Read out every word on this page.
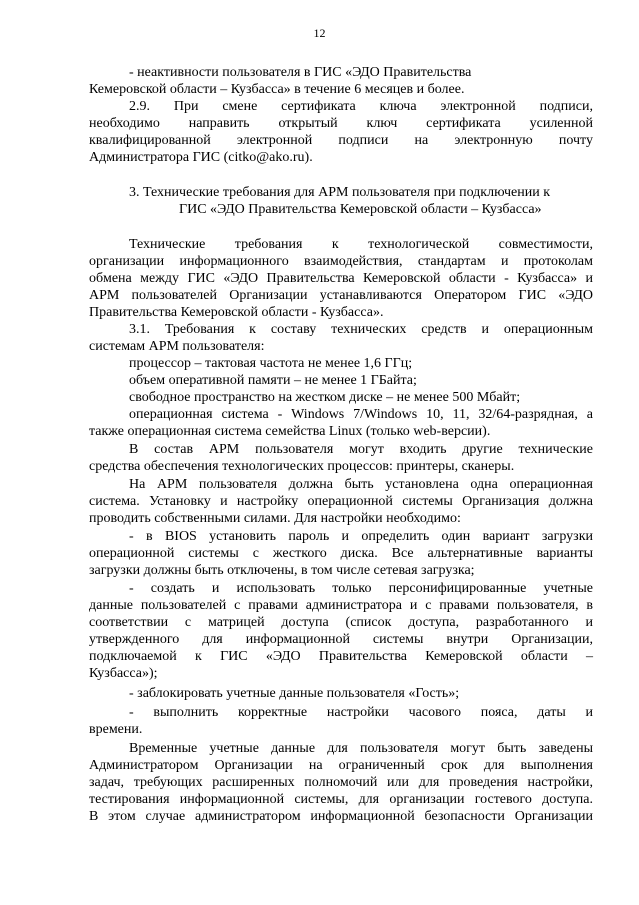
12
- неактивности пользователя в ГИС «ЭДО Правительства
Кемеровской области – Кузбасса» в течение 6 месяцев и более.
2.9. При смене сертификата ключа электронной подписи,
необходимо направить открытый ключ сертификата усиленной
квалифицированной электронной подписи на электронную почту
Администратора ГИС (citko@ako.ru).
3. Технические требования для АРМ пользователя при подключении к
ГИС «ЭДО Правительства Кемеровской области – Кузбасса»
Технические требования к технологической совместимости,
организации информационного взаимодействия, стандартам и протоколам
обмена между ГИС «ЭДО Правительства Кемеровской области - Кузбасса» и
АРМ пользователей Организации устанавливаются Оператором ГИС «ЭДО
Правительства Кемеровской области - Кузбасса».
3.1. Требования к составу технических средств и операционным
системам АРМ пользователя:
процессор – тактовая частота не менее 1,6 ГГц;
объем оперативной памяти – не менее 1 ГБайта;
свободное пространство на жестком диске – не менее 500 Мбайт;
операционная система - Windows 7/Windows 10, 11, 32/64-разрядная, а
также операционная система семейства Linux (только web-версии).
В состав АРМ пользователя могут входить другие технические
средства обеспечения технологических процессов: принтеры, сканеры.
На АРМ пользователя должна быть установлена одна операционная
система. Установку и настройку операционной системы Организация должна
проводить собственными силами. Для настройки необходимо:
- в BIOS установить пароль и определить один вариант загрузки
операционной системы с жесткого диска. Все альтернативные варианты
загрузки должны быть отключены, в том числе сетевая загрузка;
- создать и использовать только персонифицированные учетные
данные пользователей с правами администратора и с правами пользователя, в
соответствии с матрицей доступа (список доступа, разработанного и
утвержденного для информационной системы внутри Организации,
подключаемой к ГИС «ЭДО Правительства Кемеровской области –
Кузбасса»);
- заблокировать учетные данные пользователя «Гость»;
- выполнить корректные настройки часового пояса, даты и
времени.
Временные учетные данные для пользователя могут быть заведены
Администратором Организации на ограниченный срок для выполнения
задач, требующих расширенных полномочий или для проведения настройки,
тестирования информационной системы, для организации гостевого доступа.
В этом случае администратором информационной безопасности Организации
